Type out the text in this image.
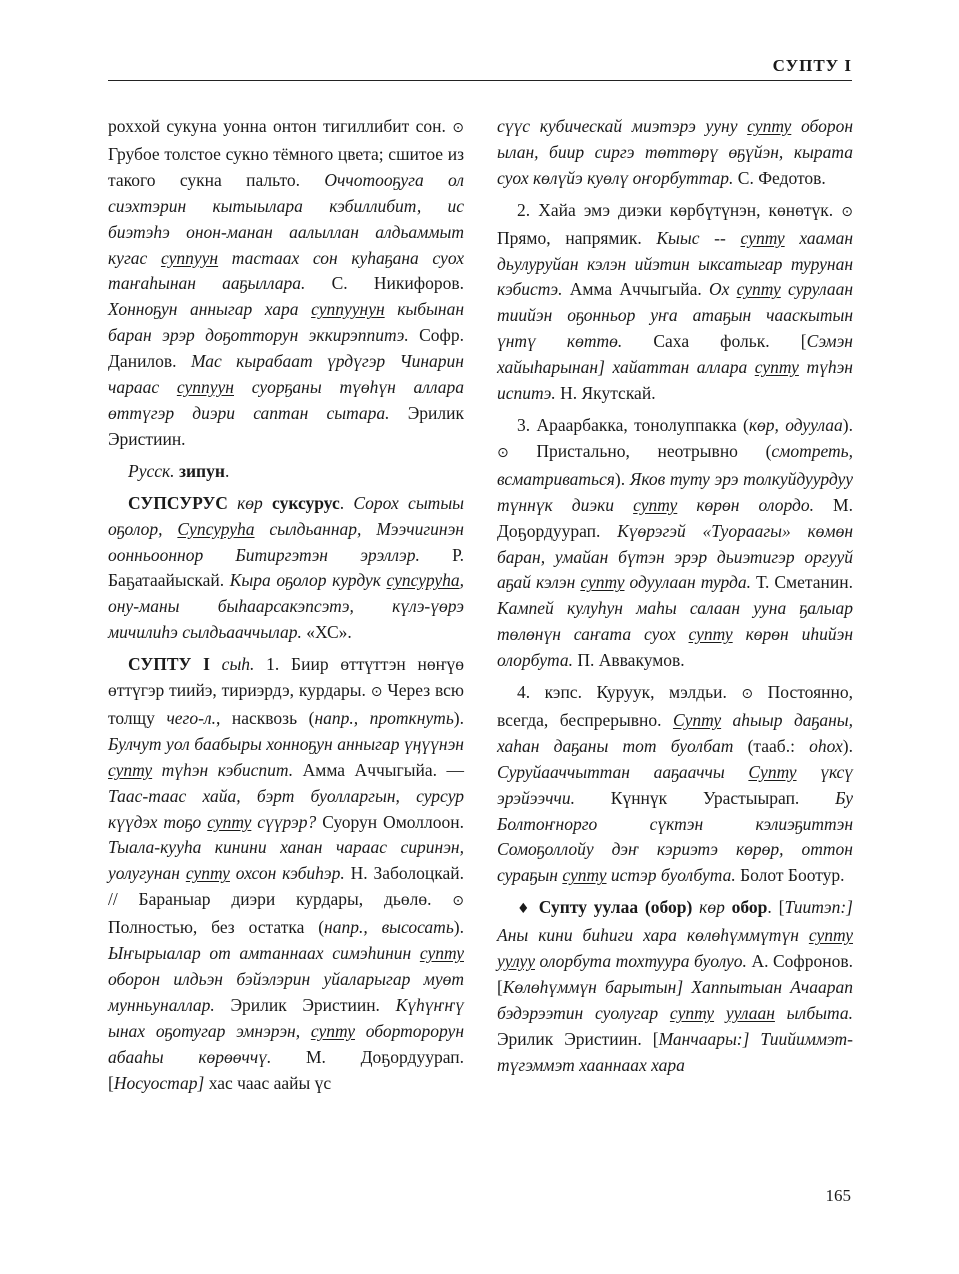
СУПТУ I

роххой сукуна уонна онтон тигиллибит сон. ⊙ Грубое толстое сукно тёмного цвета; сшитое из такого сукна пальто. Оччотооҕуга ол сиэхтэрин кытыылара кэбиллибит, ис биэтэһэ онон-манан аалыллан алдьаммыт кугас суппуун тастаах сон куһаҕана суох таҥаһынан ааҕыллара. С. Никифоров. Хонноҕун анныгар хара суппуунун кыбынан баран эрэр доҕотторун эккирэппитэ. Софр. Данилов. Мас кырабаат үрдүгэр Чинарин чараас суппуун суорҕаны түөһүн аллара өттүгэр диэри саптан сытара. Эрилик Эристиин.

Русск. зипун.

СУПСУРУС көр суксурус. Сорох сытыы оҕолор, Супсуруһа сылдьаннар, Мээчигинэн оонньооннор Битиргэтэн эрэллэр. Р. Баҕатаайыскай. Кыра оҕолор курдук супсуруһа, ону-маны быһаарсакэпсэтэ, күлэ-үөрэ мичилиһэ сылдьааччылар. «ХС».

СУПТУ I сыһ. 1. Биир өттүттэн нөҥүө өттүгэр тиийэ, тириэрдэ, курдары. ⊙ Через всю толщу чего-л., насквозь (напр., проткнуть). Булчут уол баабыры хонноҕун анныгар үңүүнэн супту түһэн кэбиспит. Амма Аччыгыйа. — Таас-таас хайа, бэрт буолларгын, сурсур күүдэх тоҕо супту сүүрэр? Суорун Омоллоон. Тыала-кууһа кинини ханан чараас сиринэн, уолугунан супту охсон кэбиһэр. Н. Заболоцкай. // Бараныар диэри курдары, дьөлө. ⊙ Полностью, без остатка (напр., высосать). Ыҥырыалар от амтаннаах симэһинин супту оборон илдьэн бэйэлэрин уйаларыгар муөт мунньуналлар. Эрилик Эристиин. Күһүҥҥү ынах оҕотугар эмнэрэн, супту оборторорун абааһы көрөөччү. М. Доҕордуурап. [Носуостар] хас чаас аайы үс

сүүс кубическай миэтэрэ ууну супту оборон ылан, биир сиргэ төттөрү өҕүйэн, кырата суох көлүйэ куөлү оҥорбуттар. С. Федотов.

2. Хайа эмэ диэки көрбүтүнэн, көнөтүк. ⊙ Прямо, напрямик. Кыыс -- супту хааман дьулуруйан кэлэн ийэтин ыксатыгар турунан кэбистэ. Амма Аччыгыйа. Ох супту сурулаан тиийэн оҕонньор уҥа атаҕын чааскытын үнтү көттө. Саха фольк. [Сэмэн хайыһарынан] хайаттан аллара супту түһэн испитэ. Н. Якутскай.

3. Араарбакка, тонолуппакка (көр, одуулаа). ⊙ Пристально, неотрывно (смотреть, всматриваться). Яков туту эрэ толкуйдуурдуу түннүк диэки супту көрөн олордо. М. Доҕордуурап. Күөрэгэй «Туораагы» көмөн баран, умайан бүтэн эрэр дьиэтигэр оргууй аҕай кэлэн супту одуулаан турда. Т. Сметанин. Кампей кулуһун маһы салаан ууна ҕалыар төлөнүн саҥата суох супту көрөн иһийэн олорбута. П. Аввакумов.

4. кэпс. Куруук, мэлдьи. ⊙ Постоянно, всегда, беспрерывно. Супту аһыыр даҕаны, хаһан даҕаны тот буолбат (тааб.: оһох). Суруйааччыттан ааҕааччы Супту үксү эрэйээччи. Күннүк Урастыырап. Бу Болтоҥнорго сүктэн кэлиэҕиттэн Сомоҕоллойу дэҥ кэриэтэ көрөр, оттон сураҕын супту истэр буолбута. Болот Боотур.

♦ Супту уулаа (обор) көр обор. [Тиитэп:] Аны кини биһиги хара көлөһүммүтүн супту уулуу олорбута тохтуура буолуо. А. Софронов. [Көлөһүммүн барытын] Хаппытыан Ачаарап бэдэрээтин суолугар супту уулаан ылбыта. Эрилик Эристиин. [Манчаары:] Тиийиммэт-түгэммэт хааннаах хара

165
